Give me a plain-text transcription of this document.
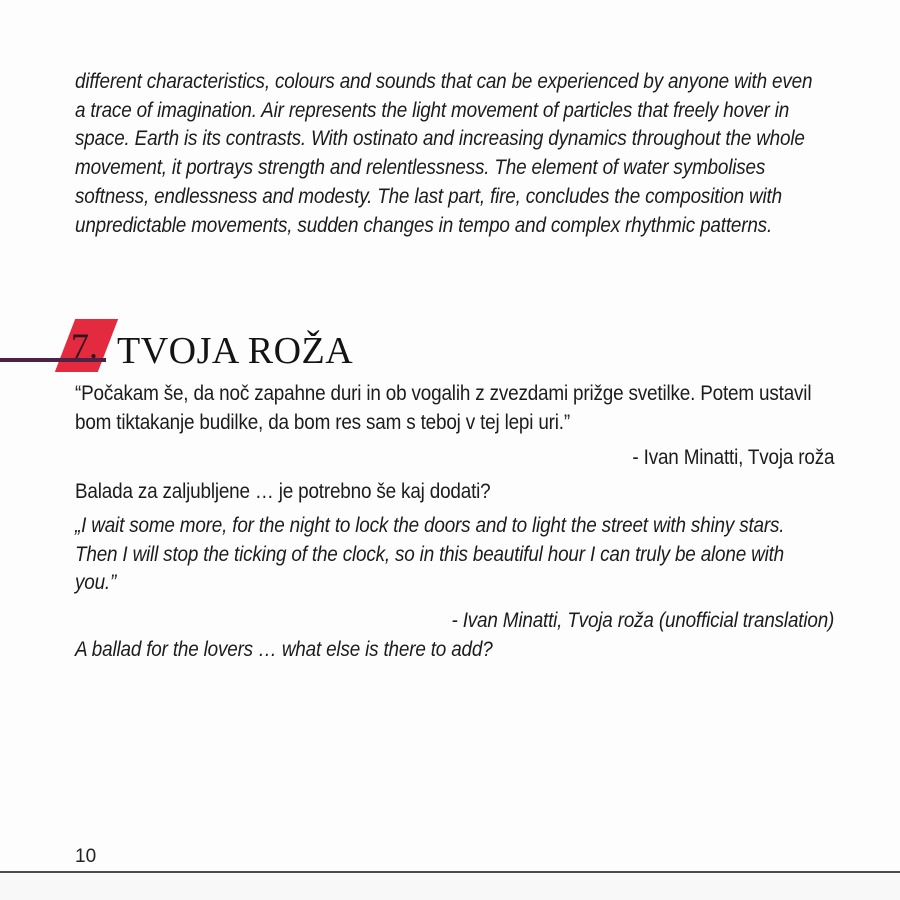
different characteristics, colours and sounds that can be experienced by anyone with even a trace of imagination. Air represents the light movement of particles that freely hover in space. Earth is its contrasts. With ostinato and increasing dynamics throughout the whole movement, it portrays strength and relentlessness. The element of water symbolises softness, endlessness and modesty. The last part, fire, concludes the composition with unpredictable movements, sudden changes in tempo and complex rhythmic patterns.
7. TVOJA ROŽA
“Počakam še, da noč zapahne duri in ob vogalih z zvezdami prižge svetilke. Potem ustavil bom tiktakanje budilke, da bom res sam s teboj v tej lepi uri.”
- Ivan Minatti, Tvoja roža
Balada za zaljubljene … je potrebno še kaj dodati?
„I wait some more, for the night to lock the doors and to light the street with shiny stars. Then I will stop the ticking of the clock, so in this beautiful hour I can truly be alone with you.”
- Ivan Minatti, Tvoja roža (unofficial translation)
A ballad for the lovers … what else is there to add?
10
